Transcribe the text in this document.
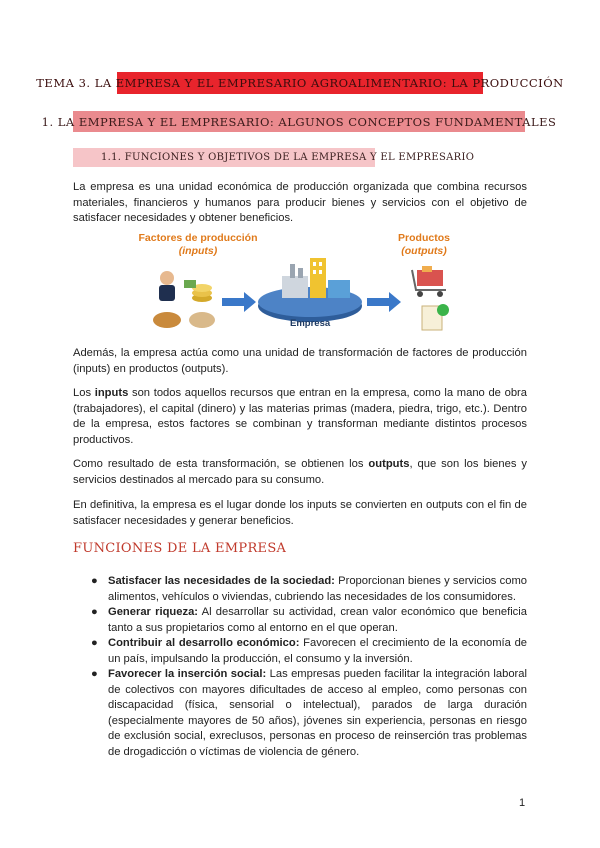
TEMA 3. LA EMPRESA Y EL EMPRESARIO AGROALIMENTARIO: LA PRODUCCIÓN
1. LA EMPRESA Y EL EMPRESARIO: ALGUNOS CONCEPTOS FUNDAMENTALES
1.1. FUNCIONES Y OBJETIVOS DE LA EMPRESA Y EL EMPRESARIO

La empresa es una unidad económica de producción organizada que combina recursos materiales, financieros y humanos para producir bienes y servicios con el objetivo de satisfacer necesidades y obtener beneficios.

Factores de producción
(inputs)
Productos
(outputs)
Empresa

Además, la empresa actúa como una unidad de transformación de factores de producción (inputs) en productos (outputs).

Los inputs son todos aquellos recursos que entran en la empresa, como la mano de obra (trabajadores), el capital (dinero) y las materias primas (madera, piedra, trigo, etc.). Dentro de la empresa, estos factores se combinan y transforman mediante distintos procesos productivos.

Como resultado de esta transformación, se obtienen los outputs, que son los bienes y servicios destinados al mercado para su consumo.

En definitiva, la empresa es el lugar donde los inputs se convierten en outputs con el fin de satisfacer necesidades y generar beneficios.

FUNCIONES DE LA EMPRESA
● Satisfacer las necesidades de la sociedad: Proporcionan bienes y servicios como alimentos, vehículos o viviendas, cubriendo las necesidades de los consumidores.
● Generar riqueza: Al desarrollar su actividad, crean valor económico que beneficia tanto a sus propietarios como al entorno en el que operan.
● Contribuir al desarrollo económico: Favorecen el crecimiento de la economía de un país, impulsando la producción, el consumo y la inversión.
● Favorecer la inserción social: Las empresas pueden facilitar la integración laboral de colectivos con mayores dificultades de acceso al empleo, como personas con discapacidad (física, sensorial o intelectual), parados de larga duración (especialmente mayores de 50 años), jóvenes sin experiencia, personas en riesgo de exclusión social, exreclusos, personas en proceso de reinserción tras problemas de drogadicción o víctimas de violencia de género.
1
